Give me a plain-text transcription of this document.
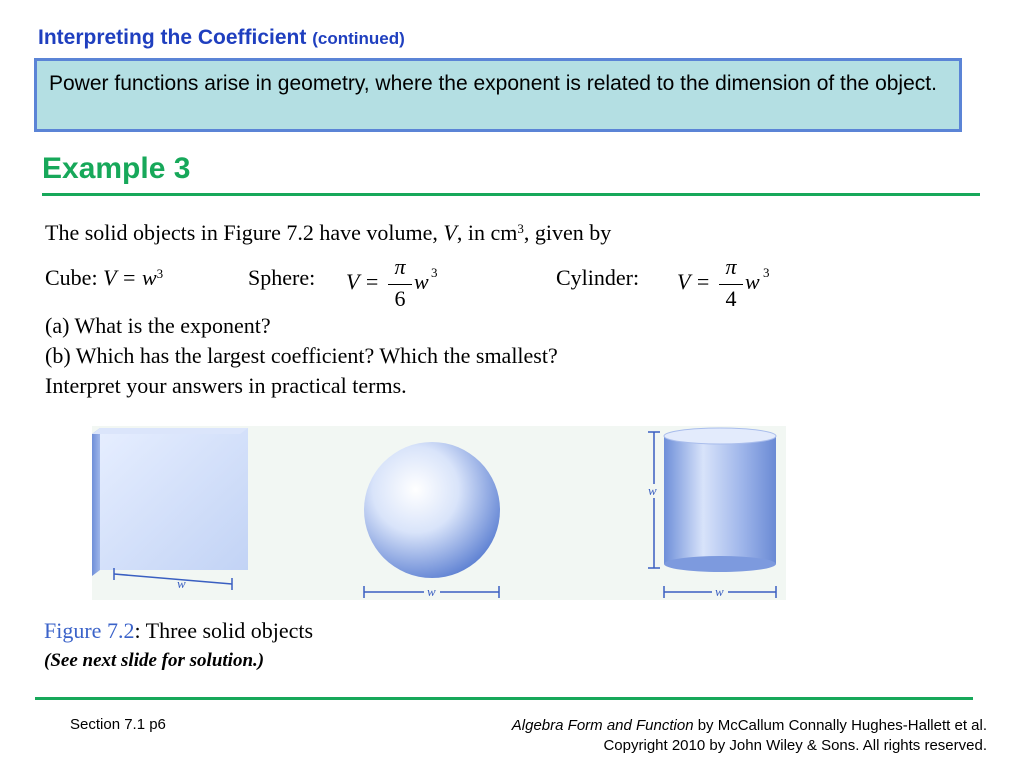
Interpreting the Coefficient (continued)
Power functions arise in geometry, where the exponent is related to the dimension of the object.
Example 3
The solid objects in Figure 7.2 have volume, V, in $cm^3$, given by
Cube: $V = w^3$	Sphere: V =
π
6
w 3	Cylinder: V =
π
4
w 3
(a) What is the exponent?
(b) Which has the largest coefficient? Which the smallest?
Interpret your answers in practical terms.
w
w
w
w
Figure 7.2: Three solid objects
(See next slide for solution.)
Section 7.1 p6	Algebra Form and Function by McCallum Connally Hughes-Hallett et al.
Copyright 2010 by John Wiley & Sons. All rights reserved.
